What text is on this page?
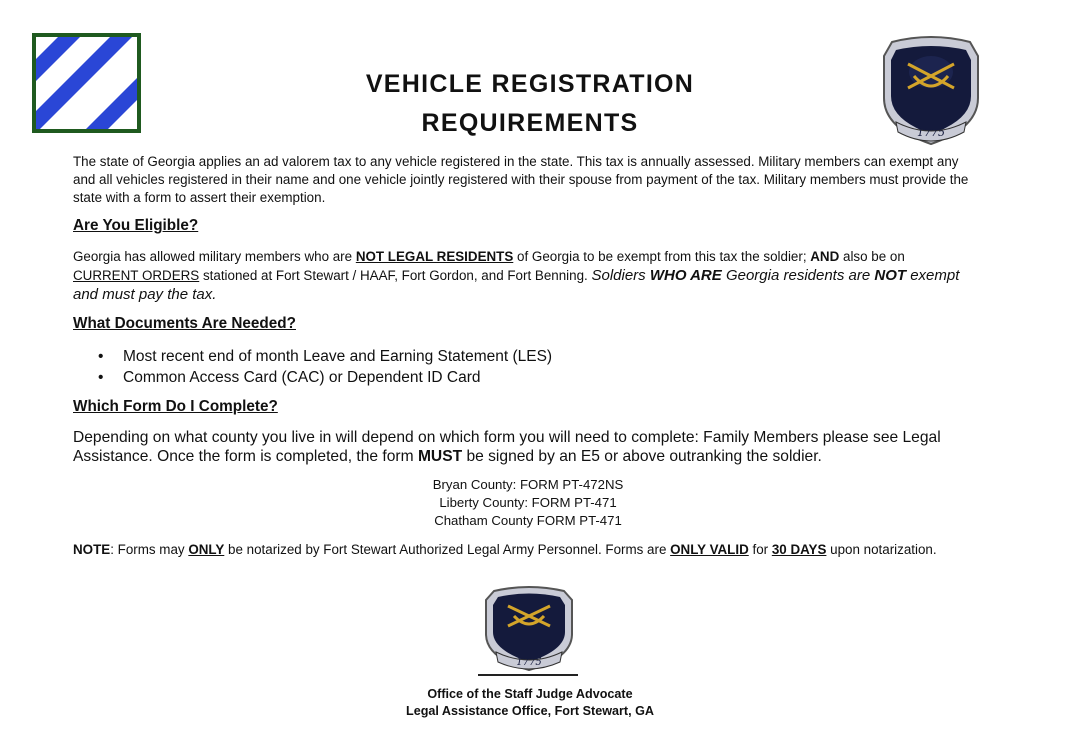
1775
VEHICLE REGISTRATION
REQUIREMENTS

The state of Georgia applies an ad valorem tax to any vehicle registered in the state. This tax is annually assessed. Military members can exempt any and all vehicles registered in their name and one vehicle jointly registered with their spouse from payment of the tax. Military members must provide the state with a form to assert their exemption.

Are You Eligible?

Georgia has allowed military members who are NOT LEGAL RESIDENTS of Georgia to be exempt from this tax the soldier; AND also be on CURRENT ORDERS stationed at Fort Stewart / HAAF, Fort Gordon, and Fort Benning. Soldiers WHO ARE Georgia residents are NOT exempt and must pay the tax.

What Documents Are Needed?

• Most recent end of month Leave and Earning Statement (LES)
• Common Access Card (CAC) or Dependent ID Card

Which Form Do I Complete?

Depending on what county you live in will depend on which form you will need to complete: Family Members please see Legal Assistance. Once the form is completed, the form MUST be signed by an E5 or above outranking the soldier.

Bryan County: FORM PT-472NS
Liberty County: FORM PT-471
Chatham County FORM PT-471

NOTE: Forms may ONLY be notarized by Fort Stewart Authorized Legal Army Personnel. Forms are ONLY VALID for 30 DAYS upon notarization.

1775

Office of the Staff Judge Advocate

Legal Assistance Office, Fort Stewart, GA
